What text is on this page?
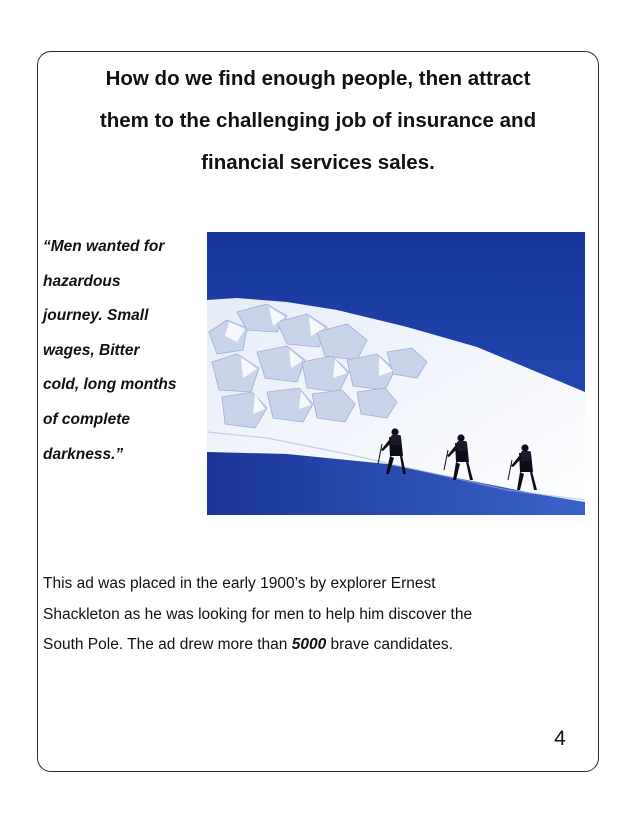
How do we find enough people, then attract
them to the challenging job of insurance and
financial services sales.

“Men wanted for
hazardous
journey. Small
wages, Bitter
cold, long months
of complete
darkness.”

This ad was placed in the early 1900’s by explorer Ernest
Shackleton as he was looking for men to help him discover the
South Pole. The ad drew more than 5000 brave candidates.

4
